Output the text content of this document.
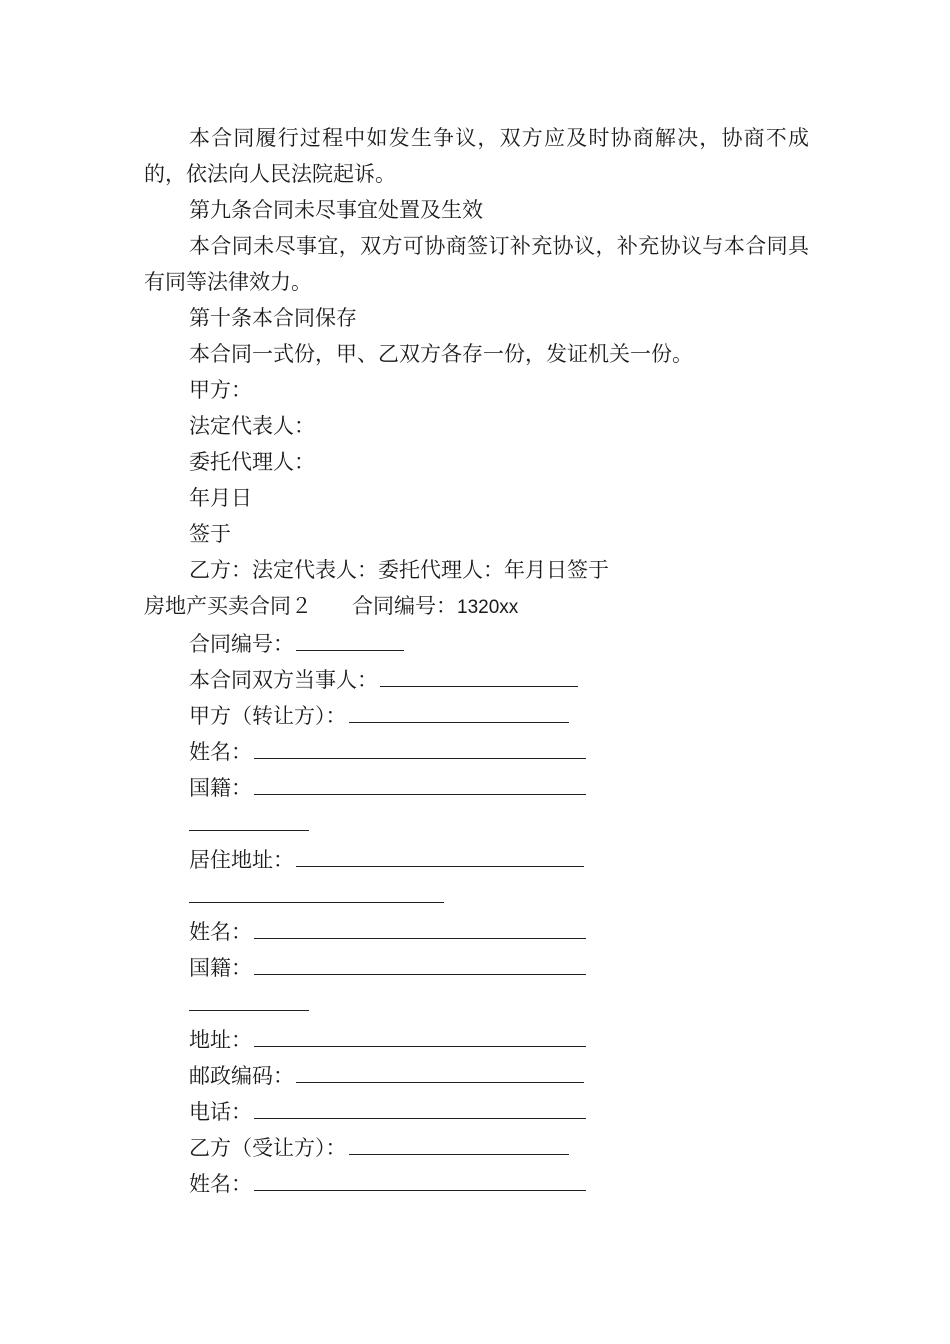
本合同履行过程中如发生争议，双方应及时协商解决，协商不成的，依法向人民法院起诉。

第九条合同未尽事宜处置及生效

本合同未尽事宜，双方可协商签订补充协议，补充协议与本合同具有同等法律效力。

第十条本合同保存

本合同一式份，甲、乙双方各存一份，发证机关一份。

甲方：

法定代表人：

委托代理人：

年月日

签于

乙方：法定代表人：委托代理人：年月日签于

房地产买卖合同２ 合同编号：1320xx

合同编号：

本合同双方当事人：

甲方（转让方）：

姓名：

国籍：

居住地址：

姓名：

国籍：

地址：

邮政编码：

电话：

乙方（受让方）：

姓名：
